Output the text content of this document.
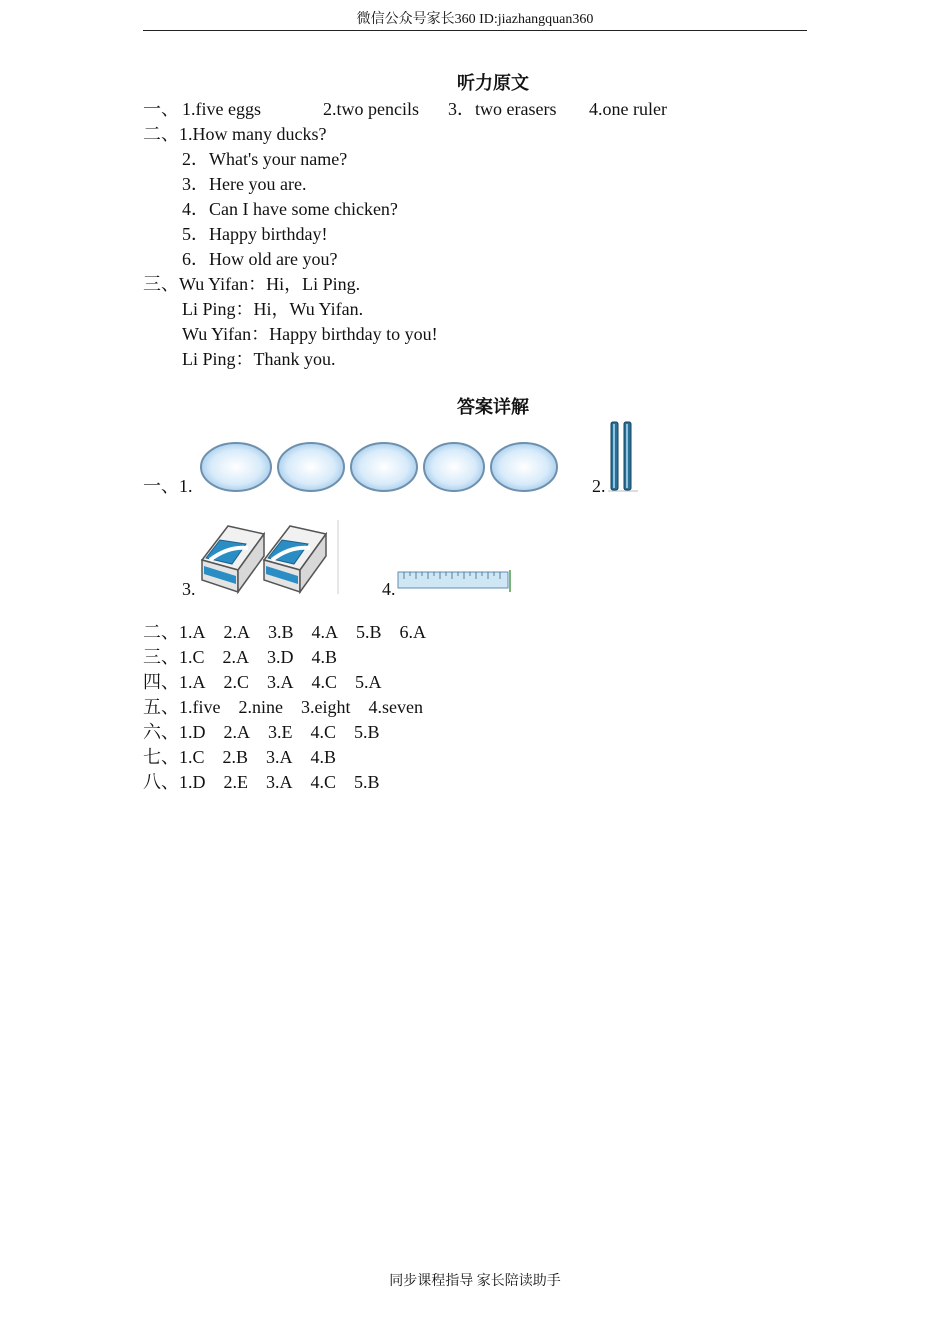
微信公众号家长360 ID:jiazhangquan360
听力原文
一、 1.five eggs	2.two pencils 3．two erasers 4.one ruler
二、1.How many ducks?
2．What's your name?
3．Here you are.
4．Can I have some chicken?
5．Happy birthday!
6．How old are you?
三、Wu Yifan：Hi，Li Ping.
Li Ping：Hi，Wu Yifan.
Wu Yifan：Happy birthday to you!
Li Ping：Thank you.
答案详解
一、1.	2.
3.	4.
二、1.A 2.A 3.B 4.A 5.B 6.A
三、1.C 2.A 3.D 4.B
四、1.A 2.C 3.A 4.C 5.A
五、1.five 2.nine 3.eight 4.seven
六、1.D 2.A 3.E 4.C 5.B
七、1.C 2.B 3.A 4.B
八、1.D 2.E 3.A 4.C 5.B
同步课程指导 家长陪读助手
